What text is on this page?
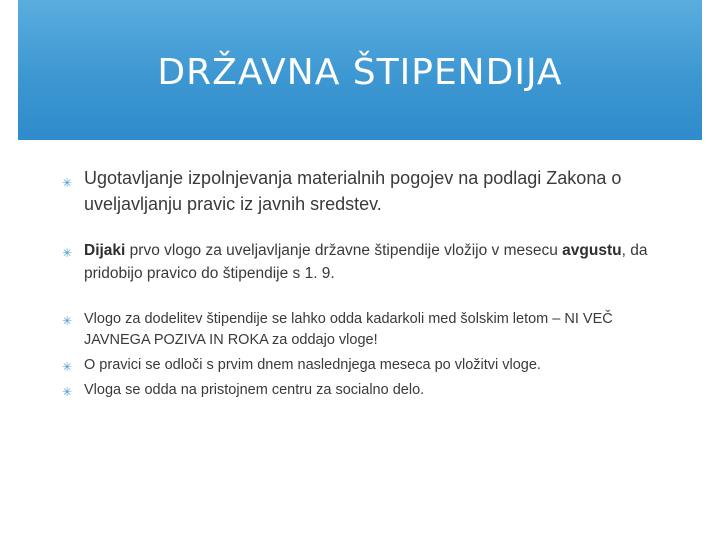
DRŽAVNA ŠTIPENDIJA
✳ Ugotavljanje izpolnjevanja materialnih pogojev na podlagi Zakona o uveljavljanju pravic iz javnih sredstev.
✳ Dijaki prvo vlogo za uveljavljanje državne štipendije vložijo v mesecu avgustu, da pridobijo pravico do štipendije s 1. 9.
✳ Vlogo za dodelitev štipendije se lahko odda kadarkoli med šolskim letom – NI VEČ JAVNEGA POZIVA IN ROKA za oddajo vloge!
✳ O pravici se odloči s prvim dnem naslednjega meseca po vložitvi vloge.
✳ Vloga se odda na pristojnem centru za socialno delo.
